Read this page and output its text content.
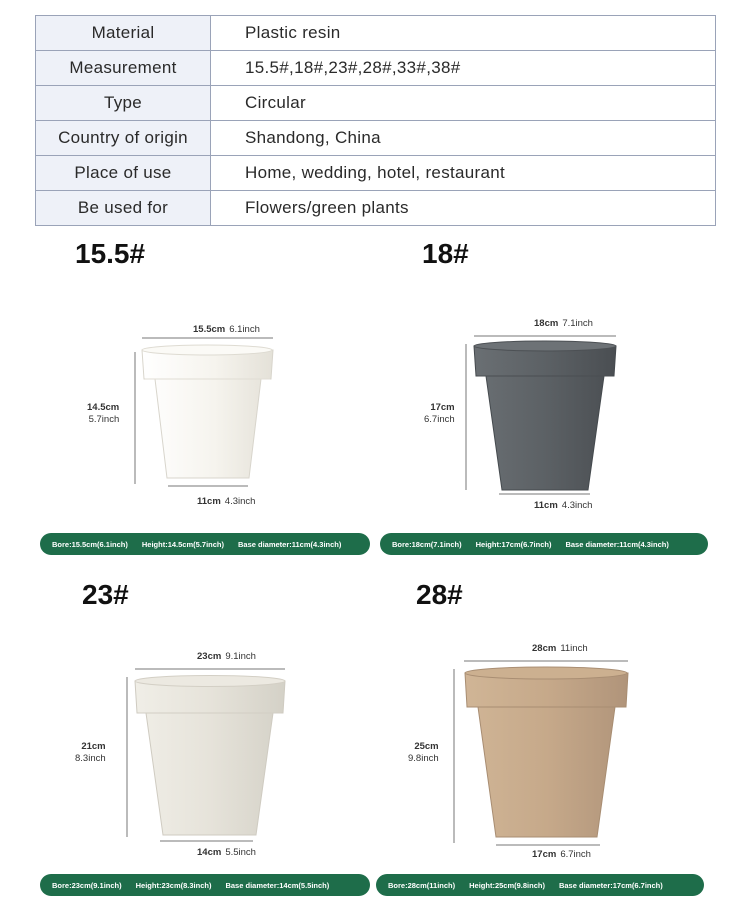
Material	Plastic resin
Measurement	15.5#,18#,23#,28#,33#,38#
Type	Circular
Country of origin	Shandong, China
Place of use	Home, wedding, hotel, restaurant
Be used for	Flowers/green plants
15.5#
15.5cm 6.1inch
14.5cm
5.7inch
11cm 4.3inch
Bore:15.5cm(6.1inch) Height:14.5cm(5.7inch) Base diameter:11cm(4.3inch)
18#
18cm 7.1inch
17cm
6.7inch
11cm 4.3inch
Bore:18cm(7.1inch) Height:17cm(6.7inch) Base diameter:11cm(4.3inch)
23#
23cm 9.1inch
21cm
8.3inch
14cm 5.5inch
Bore:23cm(9.1inch) Height:23cm(8.3inch) Base diameter:14cm(5.5inch)
28#
28cm 11inch
25cm
9.8inch
17cm 6.7inch
Bore:28cm(11inch) Height:25cm(9.8inch) Base diameter:17cm(6.7inch)
